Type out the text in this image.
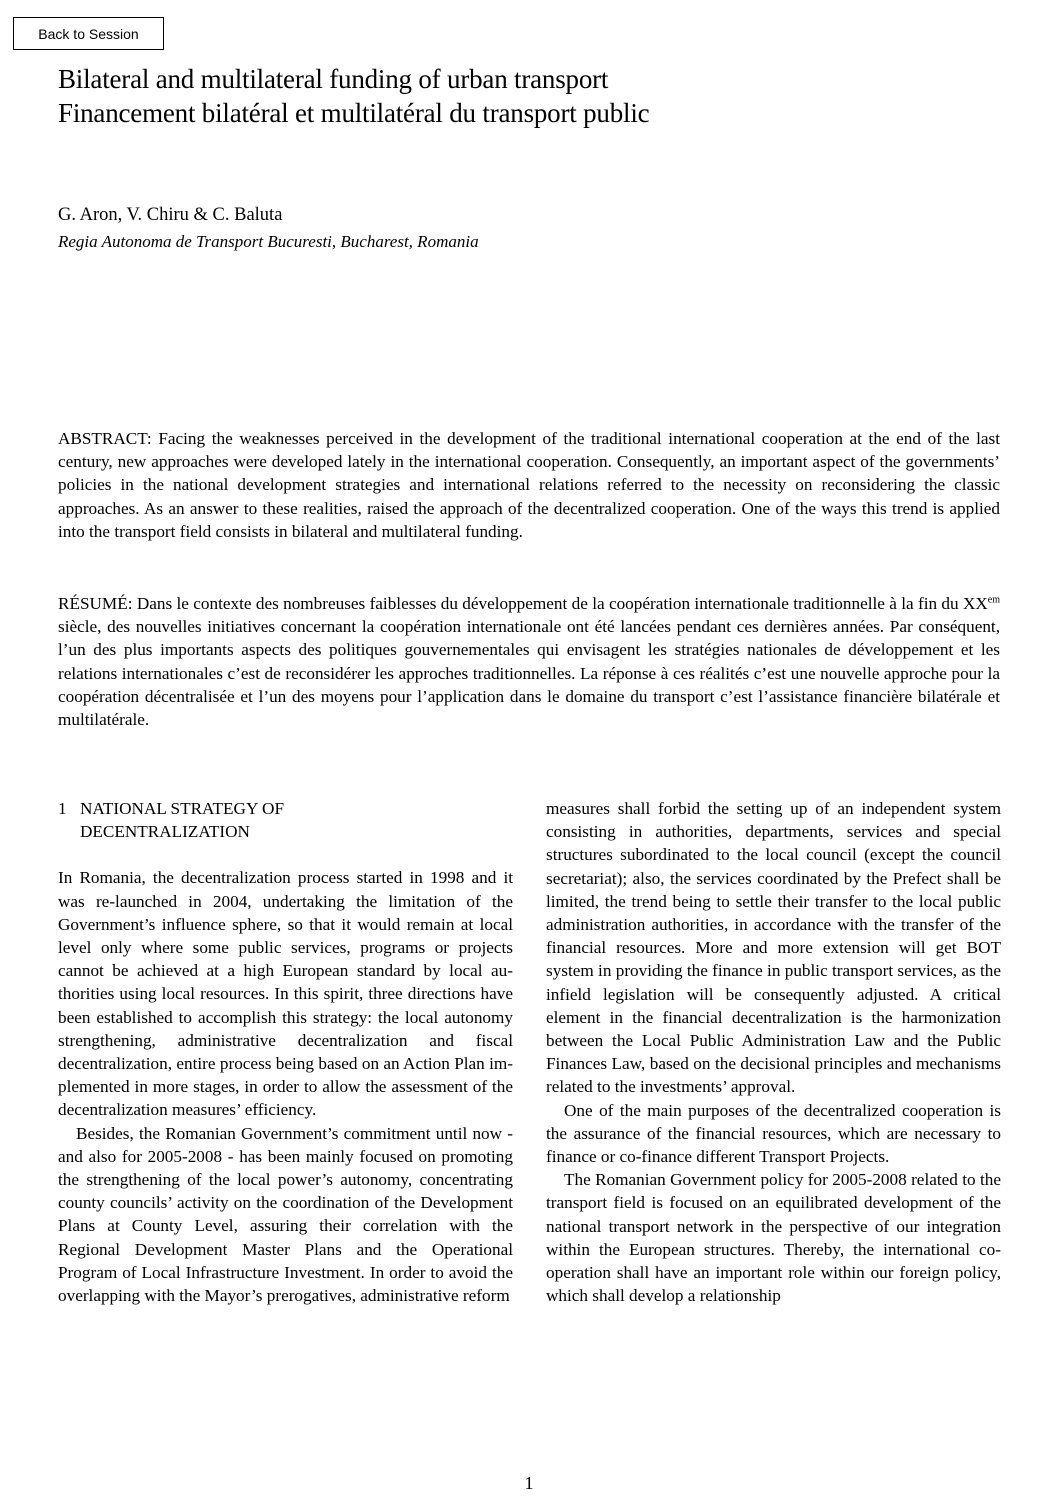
Back to Session
Bilateral and multilateral funding of urban transport
Financement bilatéral et multilatéral du transport public
G. Aron, V. Chiru & C. Baluta
Regia Autonoma de Transport Bucuresti, Bucharest, Romania

ABSTRACT: Facing the weaknesses perceived in the development of the traditional international cooperation at the end of the last century, new approaches were developed lately in the international cooperation. Consequently, an important aspect of the governments’ policies in the national development strategies and international relations referred to the necessity on reconsidering the classic approaches. As an answer to these realities, raised the approach of the decentralized cooperation. One of the ways this trend is applied into the transport field consists in bilateral and multilateral funding.

RÉSUMÉ: Dans le contexte des nombreuses faiblesses du développement de la coopération internationale traditionnelle à la fin du $XX^{em}$ siècle, des nouvelles initiatives concernant la coopération internationale ont été lancées pendant ces dernières années. Par conséquent, l’un des plus importants aspects des politiques gouvernementales qui envisagent les stratégies nationales de développement et les relations internationales c’est de reconsidérer les approches traditionnelles. La réponse à ces réalités c’est une nouvelle approche pour la coopération décentralisée et l’un des moyens pour l’application dans le domaine du transport c’est l’assistance financière bilatérale et multilatérale.

1 NATIONAL STRATEGY OF DECENTRALIZATION

In Romania, the decentralization process started in 1998 and it was re-launched in 2004, undertaking the limitation of the Government’s influence sphere, so that it would remain at local level only where some public services, programs or projects cannot be achieved at a high European standard by local authorities using local resources. In this spirit, three directions have been established to accomplish this strategy: the local autonomy strengthening, administrative decentralization and fiscal decentralization, entire process being based on an Action Plan implemented in more stages, in order to allow the assessment of the decentralization measures’ efficiency.

Besides, the Romanian Government’s commitment until now - and also for 2005-2008 - has been mainly focused on promoting the strengthening of the local power’s autonomy, concentrating county councils’ activity on the coordination of the Development Plans at County Level, assuring their correlation with the Regional Development Master Plans and the Operational Program of Local Infrastructure Investment. In order to avoid the overlapping with the Mayor’s prerogatives, administrative reform

measures shall forbid the setting up of an independent system consisting in authorities, departments, services and special structures subordinated to the local council (except the council secretariat); also, the services coordinated by the Prefect shall be limited, the trend being to settle their transfer to the local public administration authorities, in accordance with the transfer of the financial resources. More and more extension will get BOT system in providing the finance in public transport services, as the infield legislation will be consequently adjusted. A critical element in the financial decentralization is the harmonization between the Local Public Administration Law and the Public Finances Law, based on the decisional principles and mechanisms related to the investments’ approval.

One of the main purposes of the decentralized cooperation is the assurance of the financial resources, which are necessary to finance or co-finance different Transport Projects.

The Romanian Government policy for 2005-2008 related to the transport field is focused on an equilibrated development of the national transport network in the perspective of our integration within the European structures. Thereby, the international cooperation shall have an important role within our foreign policy, which shall develop a relationship

1
